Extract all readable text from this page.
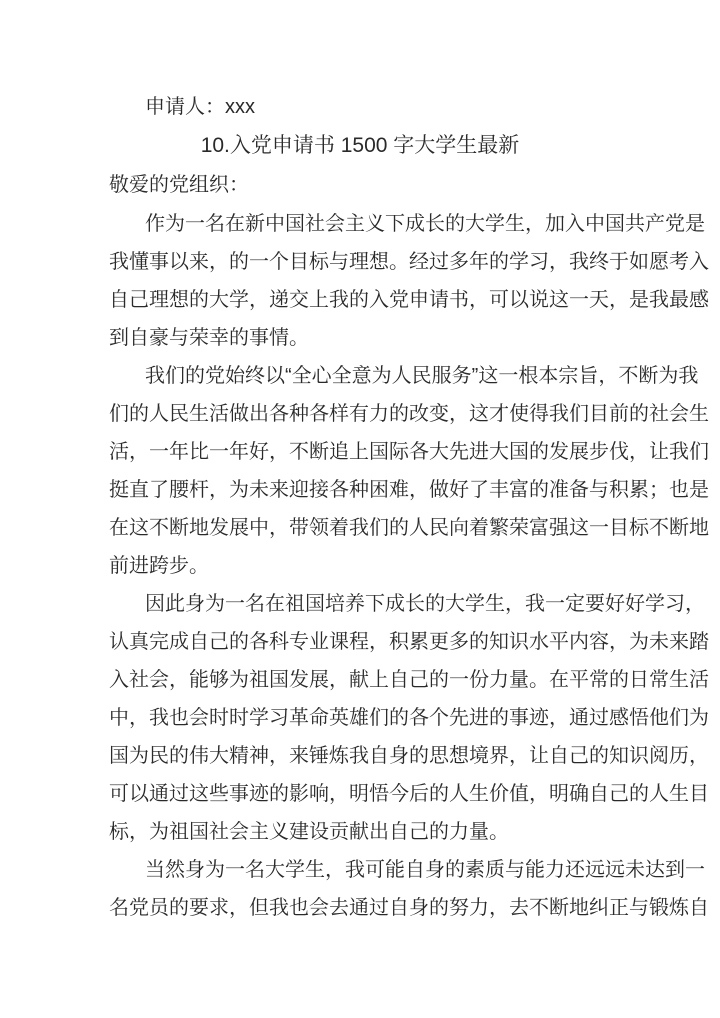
申请人：xxx
10.入党申请书 1500 字大学生最新
敬爱的党组织：
作为一名在新中国社会主义下成长的大学生，加入中国共产党是
我懂事以来，的一个目标与理想。经过多年的学习，我终于如愿考入
自己理想的大学，递交上我的入党申请书，可以说这一天，是我最感
到自豪与荣幸的事情。
我们的党始终以“全心全意为人民服务”这一根本宗旨，不断为我
们的人民生活做出各种各样有力的改变，这才使得我们目前的社会生
活，一年比一年好，不断追上国际各大先进大国的发展步伐，让我们
挺直了腰杆，为未来迎接各种困难，做好了丰富的准备与积累；也是
在这不断地发展中，带领着我们的人民向着繁荣富强这一目标不断地
前进跨步。
因此身为一名在祖国培养下成长的大学生，我一定要好好学习，
认真完成自己的各科专业课程，积累更多的知识水平内容，为未来踏
入社会，能够为祖国发展，献上自己的一份力量。在平常的日常生活
中，我也会时时学习革命英雄们的各个先进的事迹，通过感悟他们为
国为民的伟大精神，来锤炼我自身的思想境界，让自己的知识阅历，
可以通过这些事迹的影响，明悟今后的人生价值，明确自己的人生目
标，为祖国社会主义建设贡献出自己的力量。
当然身为一名大学生，我可能自身的素质与能力还远远未达到一
名党员的要求，但我也会去通过自身的努力，去不断地纠正与锻炼自
